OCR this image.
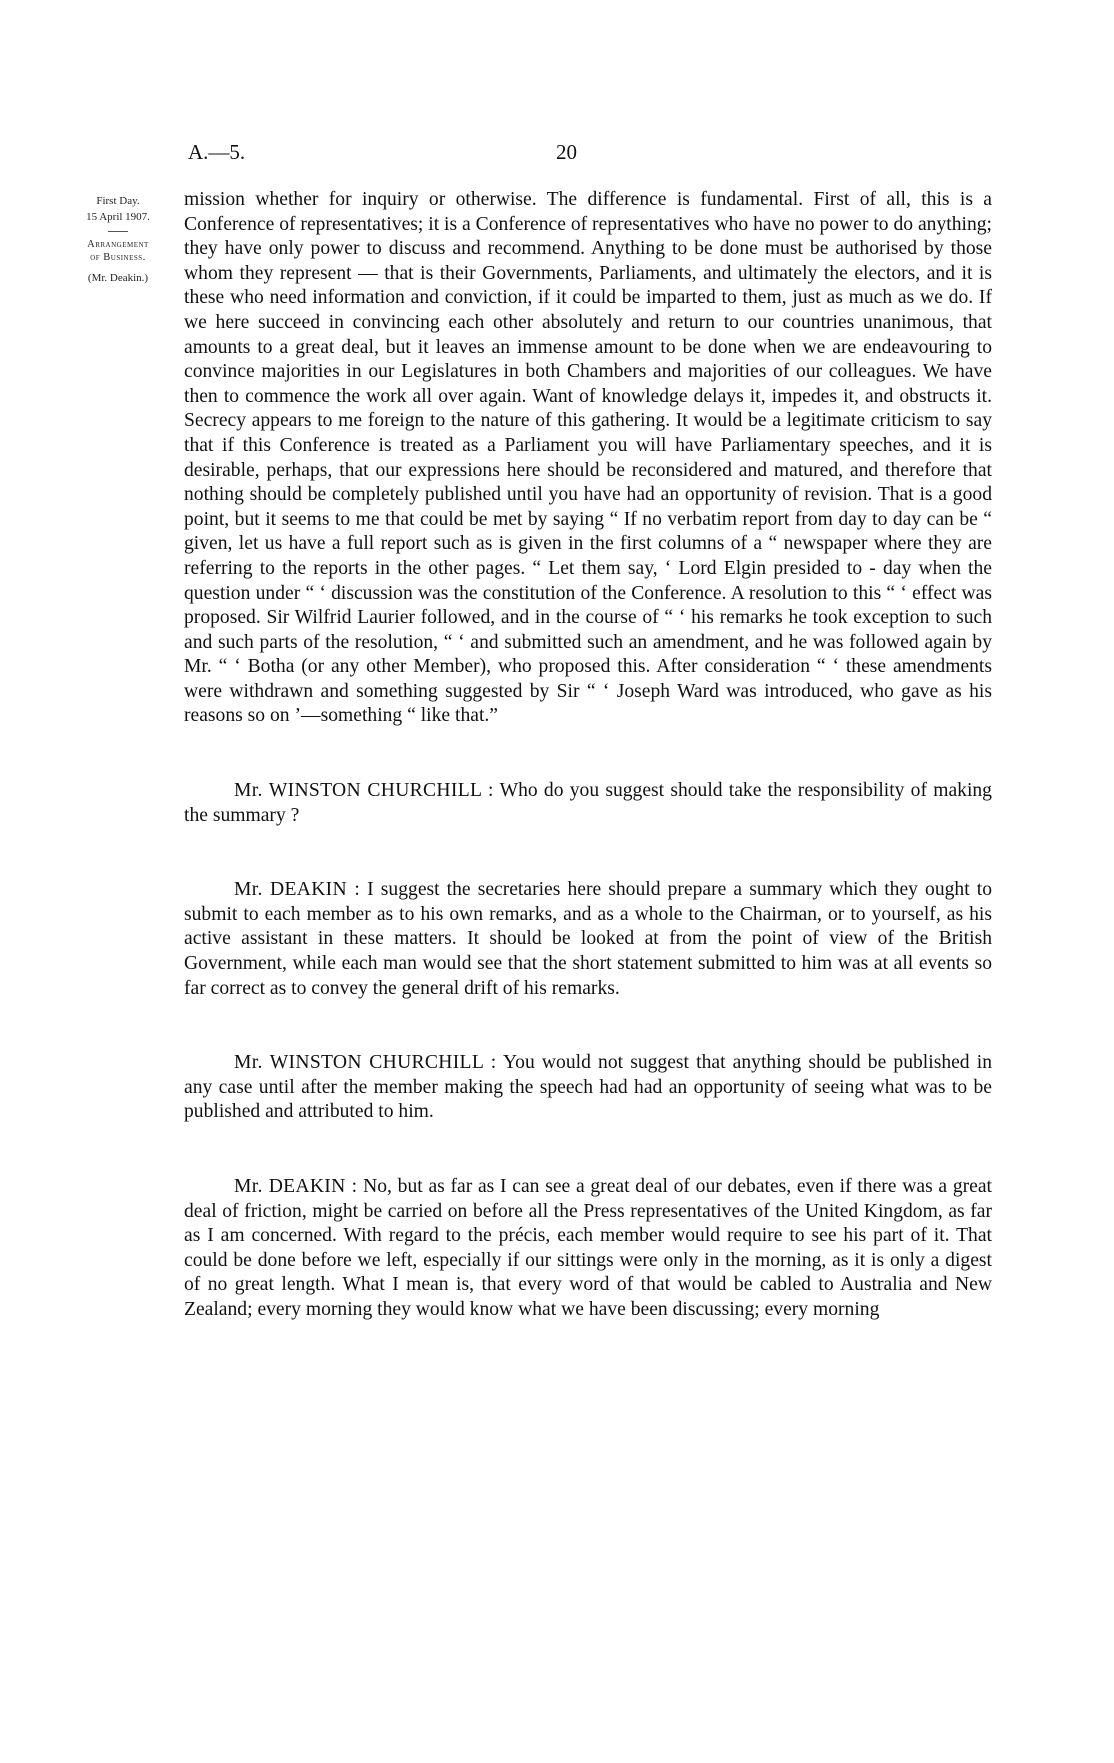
A.—5.	20
First Day.
15 April 1907.
Arrangement
of Business.
(Mr. Deakin.)

mission whether for inquiry or otherwise. The difference is fundamental. First of all, this is a Conference of representatives; it is a Conference of representatives who have no power to do anything; they have only power to discuss and recommend. Anything to be done must be authorised by those whom they represent — that is their Governments, Parliaments, and ultimately the electors, and it is these who need information and conviction, if it could be imparted to them, just as much as we do. If we here succeed in convincing each other absolutely and return to our countries unanimous, that amounts to a great deal, but it leaves an immense amount to be done when we are endeavouring to convince majorities in our Legislatures in both Chambers and majorities of our colleagues. We have then to commence the work all over again. Want of knowledge delays it, impedes it, and obstructs it. Secrecy appears to me foreign to the nature of this gathering. It would be a legitimate criticism to say that if this Conference is treated as a Parliament you will have Parliamentary speeches, and it is desirable, perhaps, that our expressions here should be reconsidered and matured, and therefore that nothing should be completely published until you have had an opportunity of revision. That is a good point, but it seems to me that could be met by saying “ If no verbatim report from day to day can be “ given, let us have a full report such as is given in the first columns of a “ newspaper where they are referring to the reports in the other pages. “ Let them say, ‘ Lord Elgin presided to - day when the question under “ ‘ discussion was the constitution of the Conference. A resolution to this “ ‘ effect was proposed. Sir Wilfrid Laurier followed, and in the course of “ ‘ his remarks he took exception to such and such parts of the resolution, “ ‘ and submitted such an amendment, and he was followed again by Mr. “ ‘ Botha (or any other Member), who proposed this. After consideration “ ‘ these amendments were withdrawn and something suggested by Sir “ ‘ Joseph Ward was introduced, who gave as his reasons so on ’—something “ like that.”

Mr. WINSTON CHURCHILL : Who do you suggest should take the responsibility of making the summary ?

Mr. DEAKIN : I suggest the secretaries here should prepare a summary which they ought to submit to each member as to his own remarks, and as a whole to the Chairman, or to yourself, as his active assistant in these matters. It should be looked at from the point of view of the British Government, while each man would see that the short statement submitted to him was at all events so far correct as to convey the general drift of his remarks.

Mr. WINSTON CHURCHILL : You would not suggest that anything should be published in any case until after the member making the speech had had an opportunity of seeing what was to be published and attributed to him.

Mr. DEAKIN : No, but as far as I can see a great deal of our debates, even if there was a great deal of friction, might be carried on before all the Press representatives of the United Kingdom, as far as I am concerned. With regard to the précis, each member would require to see his part of it. That could be done before we left, especially if our sittings were only in the morning, as it is only a digest of no great length. What I mean is, that every word of that would be cabled to Australia and New Zealand; every morning they would know what we have been discussing; every morning
